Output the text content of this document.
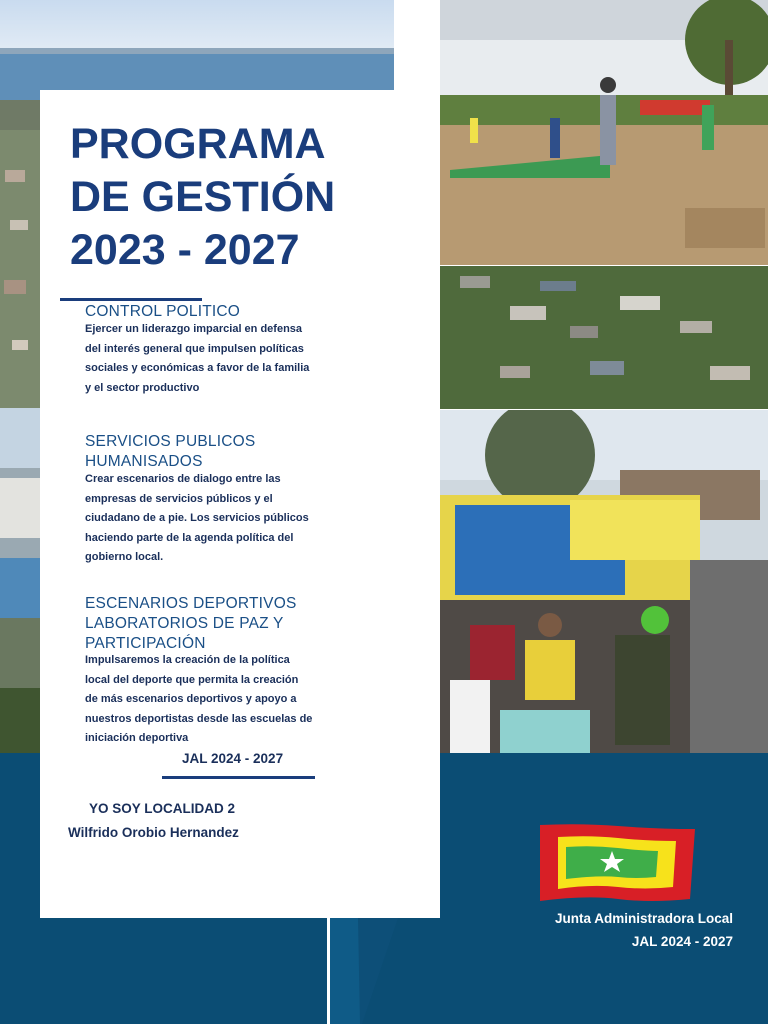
PROGRAMA
DE GESTIÓN
2023 - 2027
CONTROL POLITICO

Ejercer un liderazgo imparcial en defensa
del interés general que impulsen políticas
sociales y económicas a favor de la familia
y el sector productivo

SERVICIOS PUBLICOS
HUMANISADOS

Crear escenarios de dialogo entre las
empresas de servicios públicos y el
ciudadano de a pie. Los servicios públicos
haciendo parte de la agenda política del
gobierno local.

ESCENARIOS DEPORTIVOS
LABORATORIOS DE PAZ Y
PARTICIPACIÓN

Impulsaremos la creación de la política
local del deporte que permita la creación
de más escenarios deportivos y apoyo a
nuestros deportistas desde las escuelas de
iniciación deportiva

JAL 2024 - 2027
YO SOY LOCALIDAD 2
Wilfrido Orobio Hernandez
Junta Administradora Local
JAL 2024 - 2027
